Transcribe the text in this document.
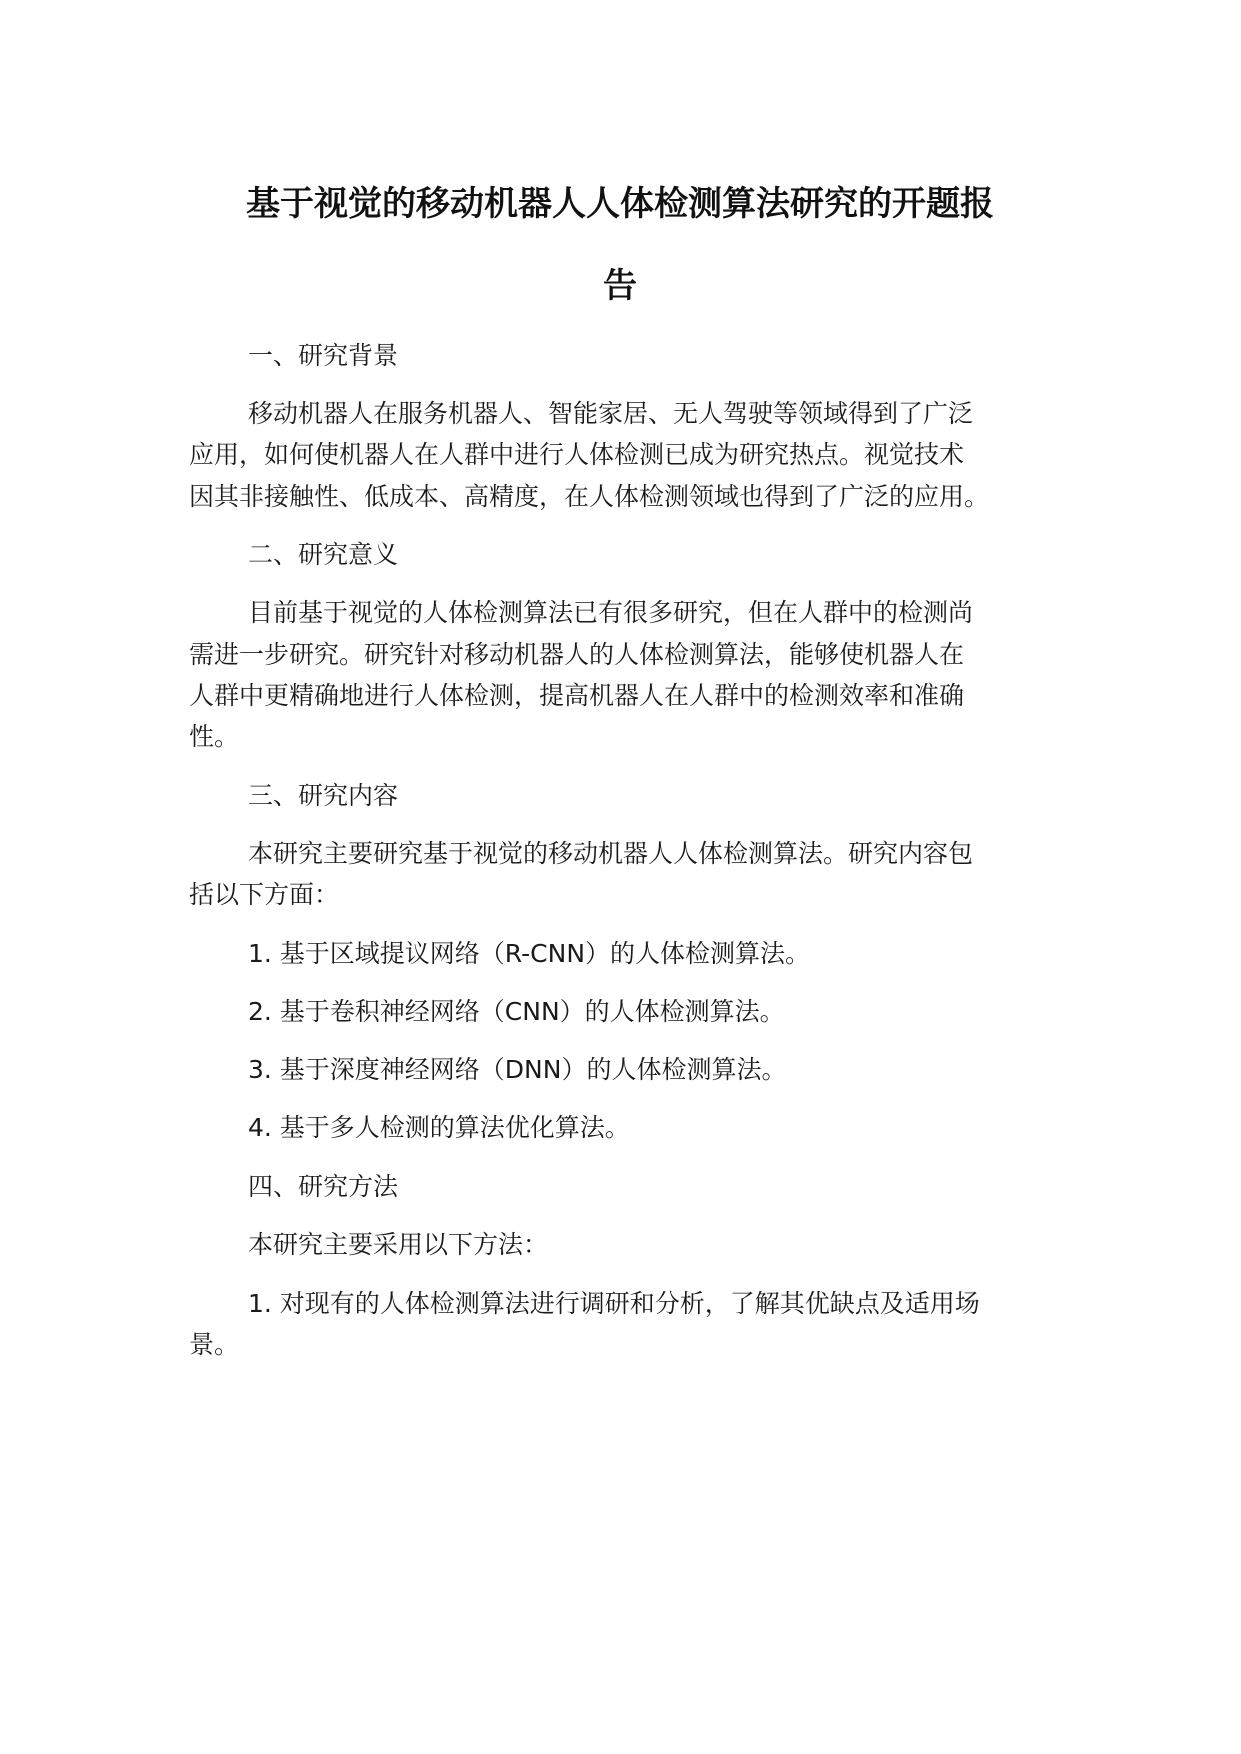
基于视觉的移动机器人人体检测算法研究的开题报
告
一、研究背景
移动机器人在服务机器人、智能家居、无人驾驶等领域得到了广泛
应用，如何使机器人在人群中进行人体检测已成为研究热点。视觉技术
因其非接触性、低成本、高精度，在人体检测领域也得到了广泛的应用。
二、研究意义
目前基于视觉的人体检测算法已有很多研究，但在人群中的检测尚
需进一步研究。研究针对移动机器人的人体检测算法，能够使机器人在
人群中更精确地进行人体检测，提高机器人在人群中的检测效率和准确
性。
三、研究内容
本研究主要研究基于视觉的移动机器人人体检测算法。研究内容包
括以下方面：
1. 基于区域提议网络（R-CNN）的人体检测算法。
2. 基于卷积神经网络（CNN）的人体检测算法。
3. 基于深度神经网络（DNN）的人体检测算法。
4. 基于多人检测的算法优化算法。
四、研究方法
本研究主要采用以下方法：
1. 对现有的人体检测算法进行调研和分析，了解其优缺点及适用场
景。
